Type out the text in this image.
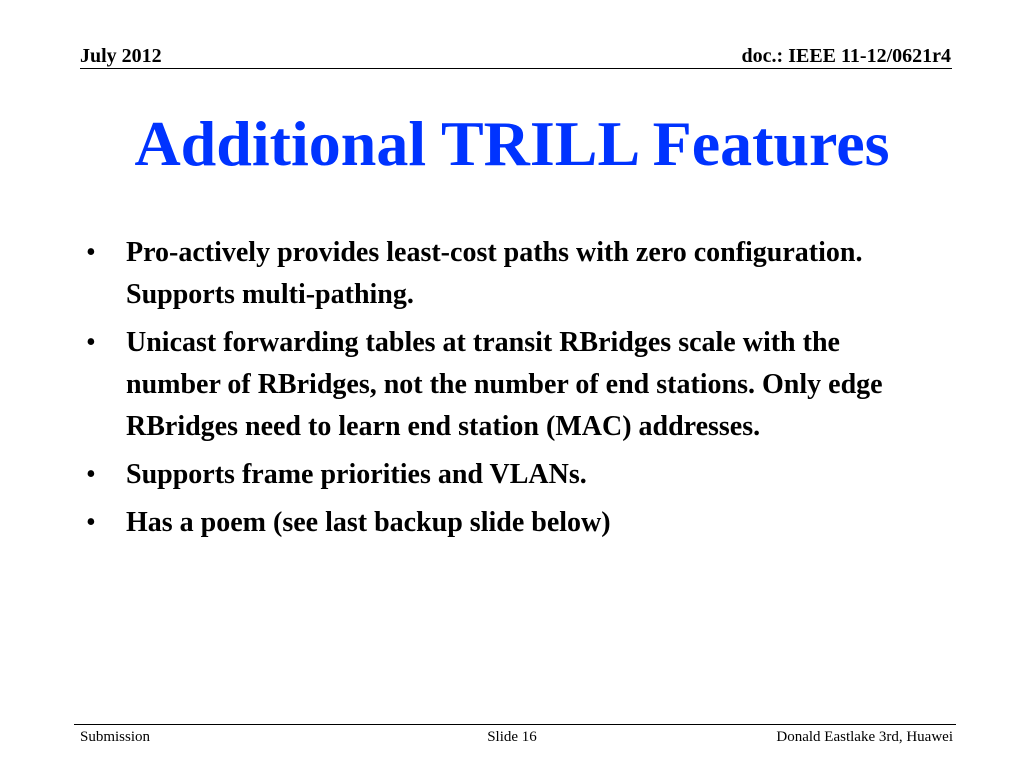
July 2012	doc.: IEEE 11-12/0621r4
Additional TRILL Features
• Pro-actively provides least-cost paths with zero configuration. Supports multi-pathing.
• Unicast forwarding tables at transit RBridges scale with the number of RBridges, not the number of end stations. Only edge RBridges need to learn end station (MAC) addresses.
• Supports frame priorities and VLANs.
• Has a poem (see last backup slide below)
Submission	Slide 16	Donald Eastlake 3rd, Huawei
